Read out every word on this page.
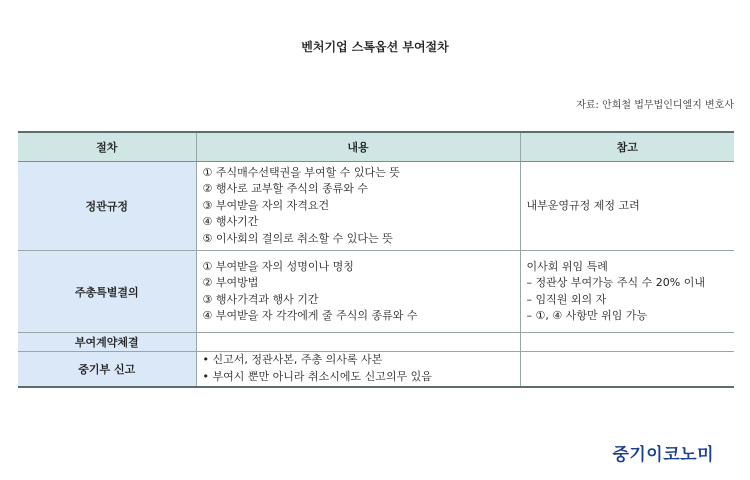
벤처기업 스톡옵션 부여절차
자료: 안희철 법무법인디엘지 변호사
절차	내용	참고
정관규정	① 주식매수선택권을 부여할 수 있다는 뜻
② 행사로 교부할 주식의 종류와 수
③ 부여받을 자의 자격요건
④ 행사기간
⑤ 이사회의 결의로 취소할 수 있다는 뜻	내부운영규정 제정 고려

주총특별결의	① 부여받을 자의 성명이나 명칭
② 부여방법
③ 행사가격과 행사 기간
④ 부여받을 자 각각에게 줄 주식의 종류와 수	이사회 위임 특례
– 정관상 부여가능 주식 수 20% 이내
– 임직원 외의 자
– ①, ④ 사항만 위임 가능

부여계약체결		
중기부 신고	• 신고서, 정관사본, 주총 의사록 사본
• 부여시 뿐만 아니라 취소시에도 신고의무 있음	

중기이코노미
